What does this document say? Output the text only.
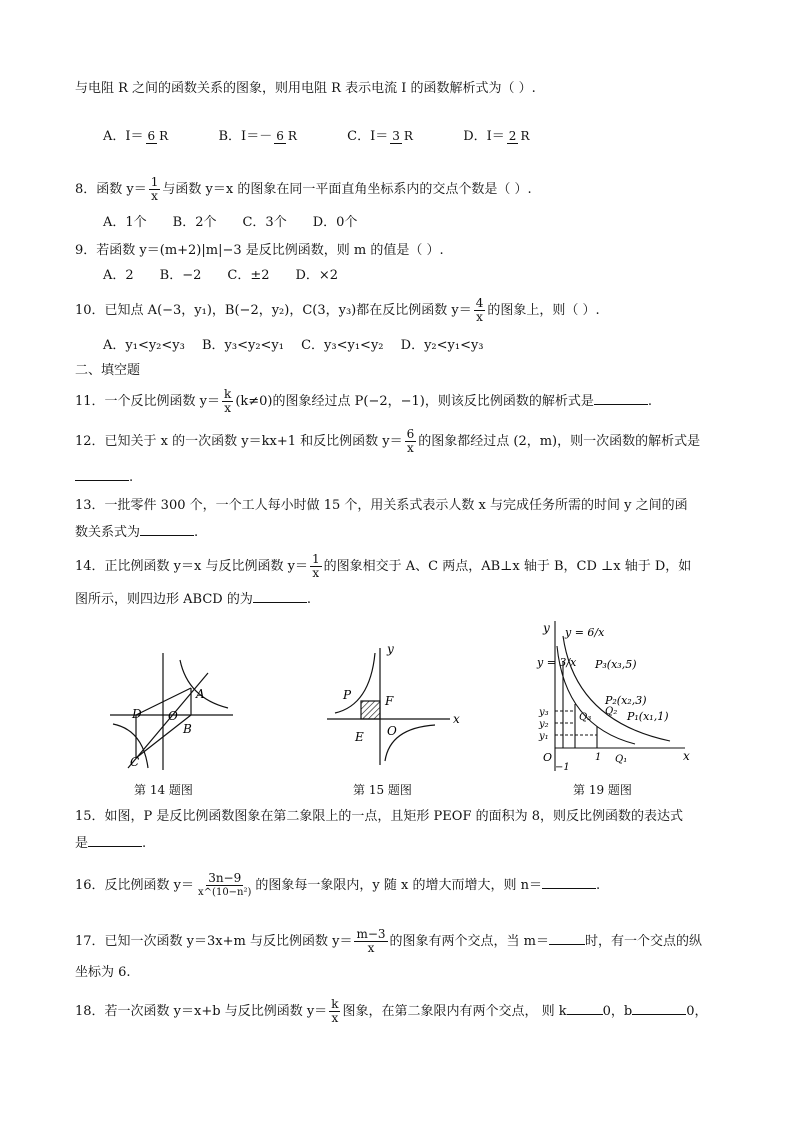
与电阻 R 之间的函数关系的图象，则用电阻 R 表示电流 I 的函数解析式为（ ）.
A．I＝ 6 R	B．I＝－ 6 R	C．I＝ 3 R	D．I＝ 2 R
8．函数 $y= \frac{1}{x}$ 与函数 y＝x 的图象在同一平面直角坐标系内的交点个数是（ ）.
A．1个　　B．2个　　C．3个　　D．0个
9．若函数 y＝(m+2)|m|−3 是反比例函数，则 m 的值是（ ）.
A．2　　B．−2　　C．±2　　D．×2
10．已知点 A(−3，y₁)，B(−2，y₂)，C(3，y₃)都在反比例函数 $y= \frac{4}{x}$ 的图象上，则（ ）.
A．y₁<y₂<y₃　 B．y₃<y₂<y₁　 C．y₃<y₁<y₂　 D．y₂<y₁<y₃
二、填空题
11．一个反比例函数 $y= \frac{k}{x} (k\ne 0)$的图象经过点 P(−2，−1)，则该反比例函数的解析式是	.
12．已知关于 x 的一次函数 y＝kx+1 和反比例函数 $y= \frac{6}{x}$ 的图象都经过点 (2，m)，则一次函数的解析式是
.
13．一批零件 300 个，一个工人每小时做 15 个，用关系式表示人数 x 与完成任务所需的时间 y 之间的函
数关系式为	.
14．正比例函数 y＝x 与反比例函数 $y= \frac{1}{x}$ 的图象相交于 A、C 两点，AB⊥x 轴于 B，CD ⊥x 轴于 D，如
图所示，则四边形 ABCD 的为	.
A
B
C
D O
第 14 题图
y
x
P	F
E O
第 15 题图
y
x
y = 6/x
y = 3/x P₃(x₃,5)
P₂(x₂,3)
P₁(x₁,1)
Q₃
Q₂
Q₁
y₃
y₂
y₁
O	1
−1
第 19 题图
15．如图，P 是反比例函数图象在第二象限上的一点，且矩形 PEOF 的面积为 8，则反比例函数的表达式
是	.
16．反比例函数 $y= \frac{3n-9}{\text{x\textasciicircum{}(10−n²)}}$ 的图象每一象限内，y 随 x 的增大而增大，则 n＝	.
17．已知一次函数 y＝3x+m 与反比例函数 $y= \frac{m-3}{x}$ 的图象有两个交点，当 m＝	时，有一个交点的纵
坐标为 6.
18．若一次函数 y＝x+b 与反比例函数 $y= \frac{k}{x}$ 图象，在第二象限内有两个交点， 则 k	0，b	0，
